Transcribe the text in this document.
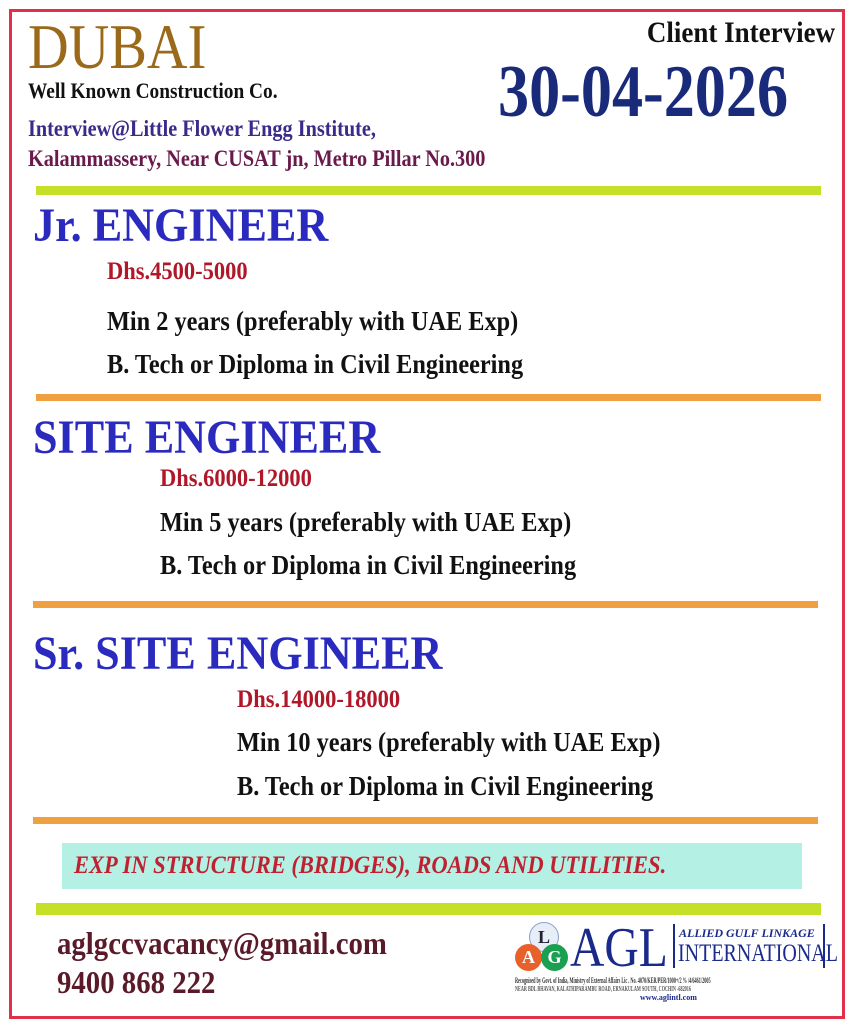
DUBAI
Well Known Construction Co.
Client Interview
30-04-2026
Interview@Little Flower Engg Institute,
Kalammassery, Near CUSAT jn, Metro Pillar No.300
Jr. ENGINEER
Dhs.4500-5000
Min 2 years (preferably with UAE Exp)
B. Tech or Diploma in Civil Engineering
SITE ENGINEER
Dhs.6000-12000
Min 5 years (preferably with UAE Exp)
B. Tech or Diploma in Civil Engineering
Sr. SITE ENGINEER
Dhs.14000-18000
Min 10 years (preferably with UAE Exp)
B. Tech or Diploma in Civil Engineering
EXP IN STRUCTURE (BRIDGES), ROADS AND UTILITIES.
aglgccvacancy@gmail.com
9400 868 222
L
A G AGL ALLIED GULF LINKAGE
INTERNATIONAL
Recognised by Govt. of India, Ministry of External Affairs Lic . No. 4070/KER/PER/1000+/2 % /4/6461/2005
NEAR BDL BHAVAN, KALATHIPARAMBU ROAD, ERNAKULAM SOUTH, COCHIN -682016
www.aglintl.com
